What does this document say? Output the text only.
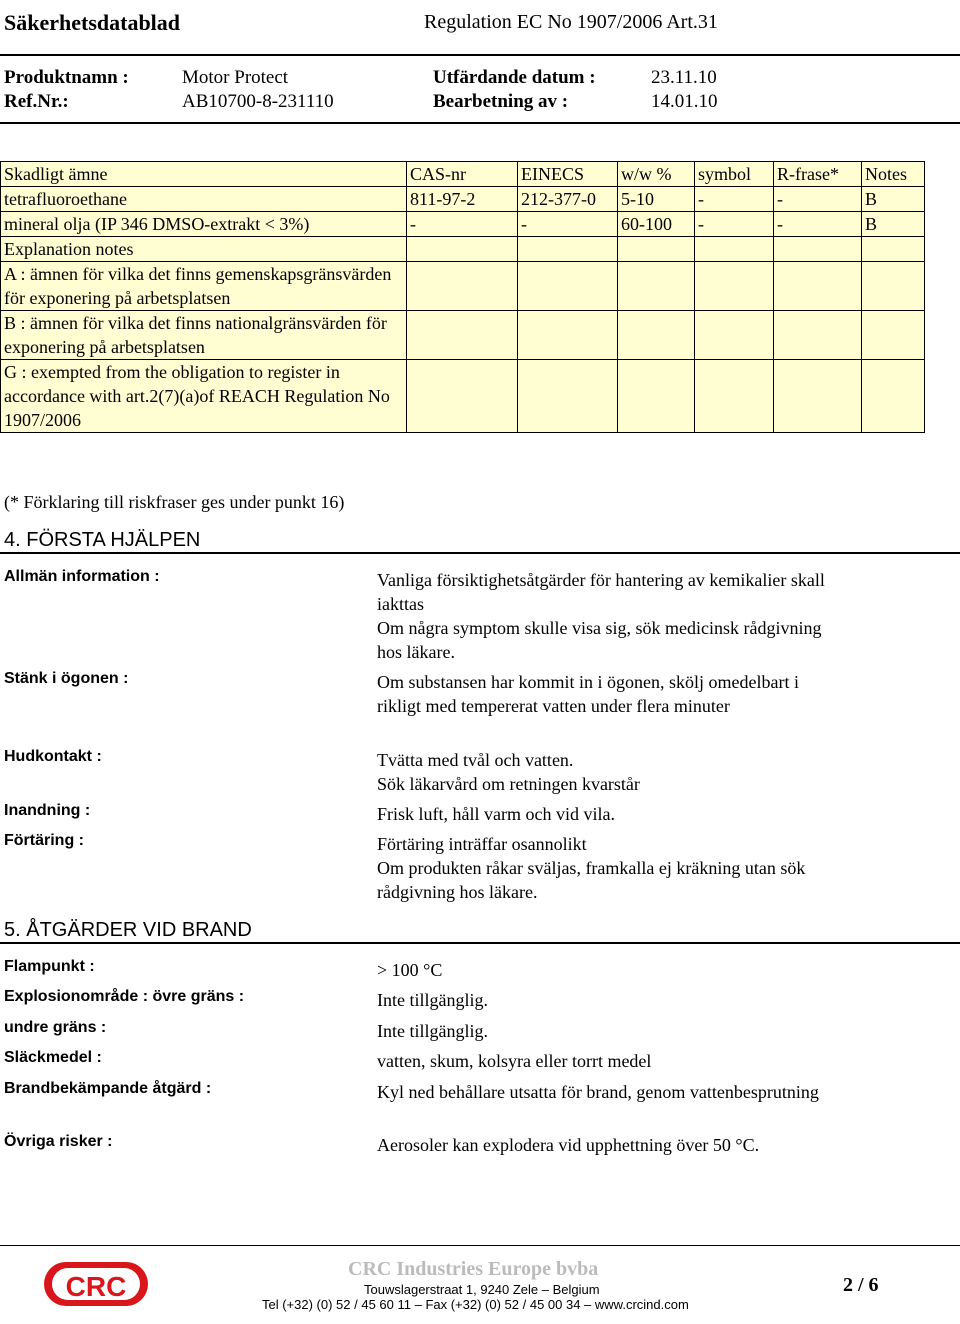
Säkerhetsdatablad	Regulation EC No 1907/2006 Art.31
Produktnamn :	Motor Protect	Utfärdande datum :	23.11.10
Ref.Nr.:	AB10700-8-231110	Bearbetning av :	14.01.10
Skadligt ämne	CAS-nr	EINECS	w/w %	symbol	R-frase*	Notes
tetrafluoroethane	811-97-2	212-377-0	5-10	-	-	B
mineral olja (IP 346 DMSO-extrakt < 3%)	-	-	60-100	-	-	B
Explanation notes						
A : ämnen för vilka det finns gemenskapsgränsvärden för exponering på arbetsplatsen						
B : ämnen för vilka det finns nationalgränsvärden för exponering på arbetsplatsen						
G : exempted from the obligation to register in accordance with art.2(7)(a)of REACH Regulation No 1907/2006						
(* Förklaring till riskfraser ges under punkt 16)
4. FÖRSTA HJÄLPEN
Allmän information :	Vanliga försiktighetsåtgärder för hantering av kemikalier skall iakttas
Om några symptom skulle visa sig, sök medicinsk rådgivning hos läkare.
Stänk i ögonen :	Om substansen har kommit in i ögonen, skölj omedelbart i rikligt med tempererat vatten under flera minuter
Hudkontakt :	Tvätta med tvål och vatten.
Sök läkarvård om retningen kvarstår
Inandning :	Frisk luft, håll varm och vid vila.
Förtäring :	Förtäring inträffar osannolikt
Om produkten råkar sväljas, framkalla ej kräkning utan sök rådgivning hos läkare.
5. ÅTGÄRDER VID BRAND
Flampunkt :	> 100 °C
Explosionområde : övre gräns :	Inte tillgänglig.
undre gräns :	Inte tillgänglig.
Släckmedel :	vatten, skum, kolsyra eller torrt medel
Brandbekämpande åtgärd :	Kyl ned behållare utsatta för brand, genom vattenbesprutning
Övriga risker :	Aerosoler kan explodera vid upphettning över 50 °C.
CRC
CRC Industries Europe bvba
Touwslagerstraat 1, 9240 Zele – Belgium
Tel (+32) (0) 52 / 45 60 11 – Fax (+32) (0) 52 / 45 00 34 – www.crcind.com
2 / 6
